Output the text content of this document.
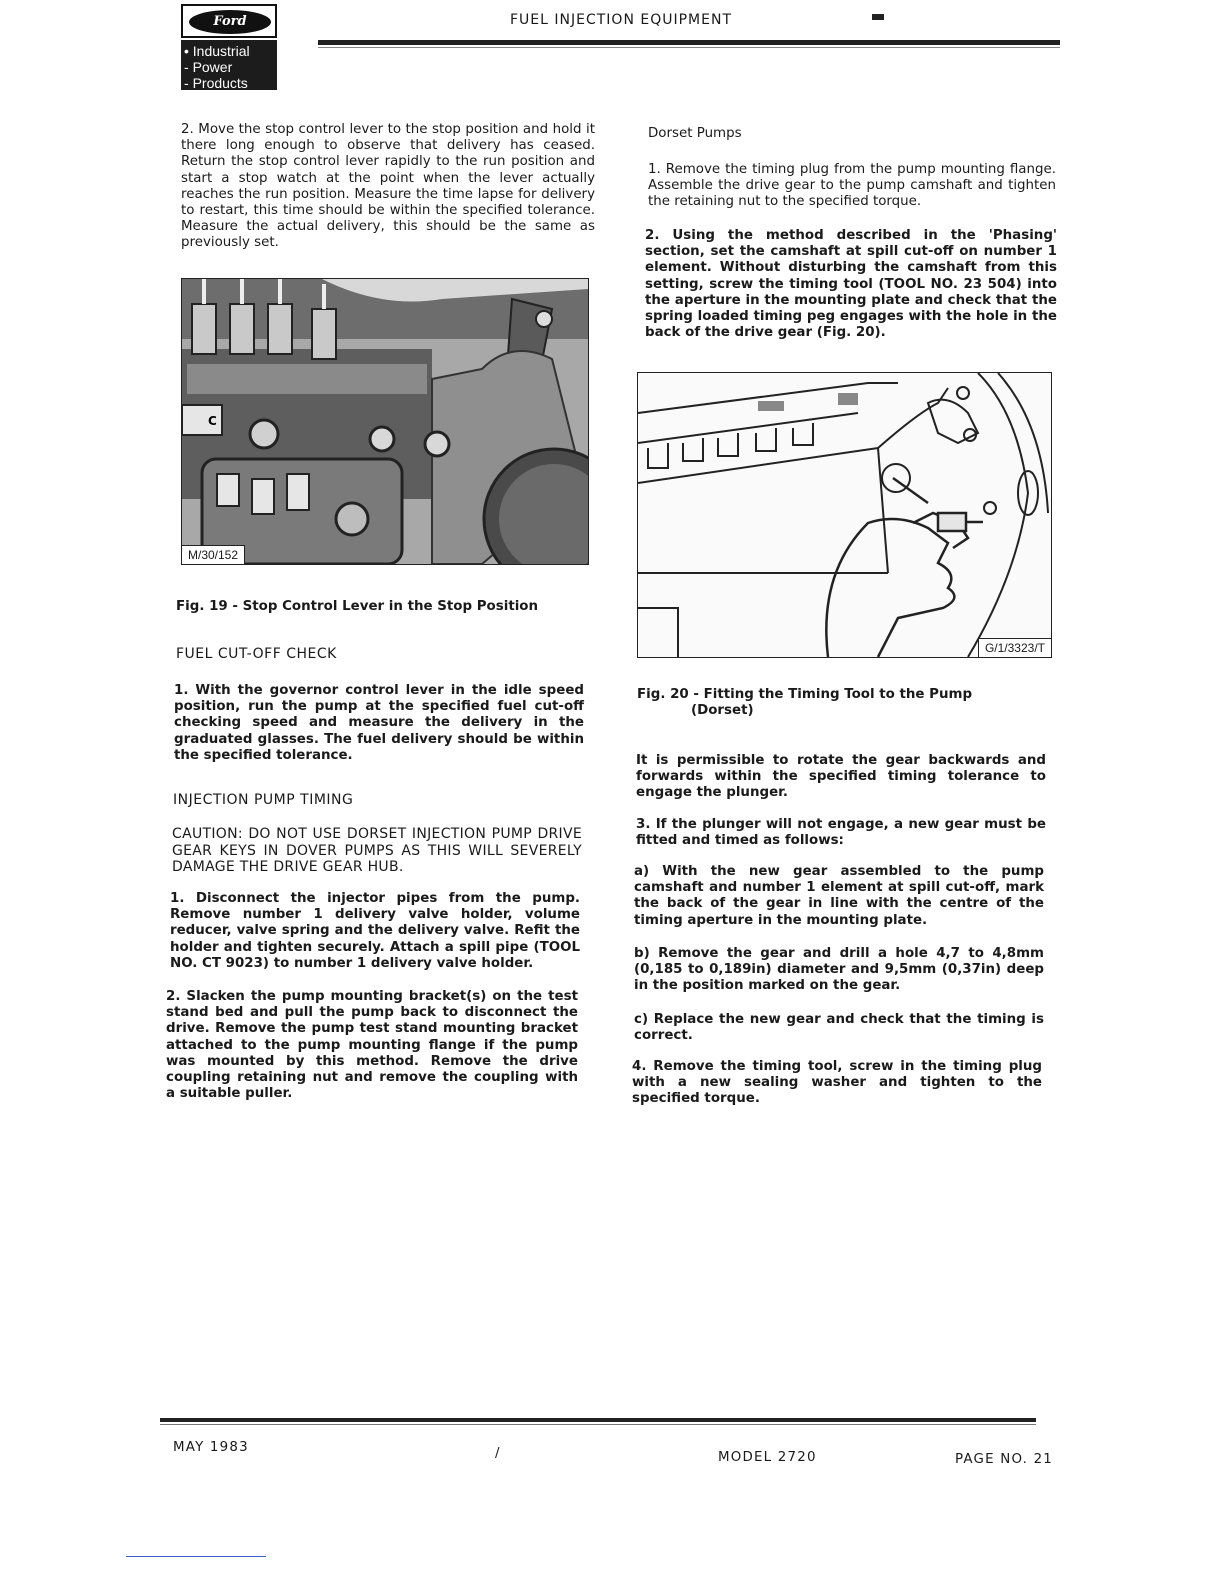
Ford
• Industrial
- Power
- Products
FUEL INJECTION EQUIPMENT

2. Move the stop control lever to the stop position and hold it there long enough to observe that delivery has ceased. Return the stop control lever rapidly to the run position and start a stop watch at the point when the lever actually reaches the run position. Measure the time lapse for delivery to restart, this time should be within the specified tolerance. Measure the actual delivery, this should be the same as previously set.

C
M/30/152
Fig. 19 - Stop Control Lever in the Stop Position
FUEL CUT-OFF CHECK

1. With the governor control lever in the idle speed position, run the pump at the specified fuel cut-off checking speed and measure the delivery in the graduated glasses. The fuel delivery should be within the specified tolerance.

INJECTION PUMP TIMING

CAUTION: DO NOT USE DORSET INJECTION PUMP DRIVE GEAR KEYS IN DOVER PUMPS AS THIS WILL SEVERELY DAMAGE THE DRIVE GEAR HUB.

1. Disconnect the injector pipes from the pump. Remove number 1 delivery valve holder, volume reducer, valve spring and the delivery valve. Refit the holder and tighten securely. Attach a spill pipe (TOOL NO. CT 9023) to number 1 delivery valve holder.

2. Slacken the pump mounting bracket(s) on the test stand bed and pull the pump back to disconnect the drive. Remove the pump test stand mounting bracket attached to the pump mounting flange if the pump was mounted by this method. Remove the drive coupling retaining nut and remove the coupling with a suitable puller.

Dorset Pumps

1. Remove the timing plug from the pump mounting flange. Assemble the drive gear to the pump camshaft and tighten the retaining nut to the specified torque.

2. Using the method described in the 'Phasing' section, set the camshaft at spill cut-off on number 1 element. Without disturbing the camshaft from this setting, screw the timing tool (TOOL NO. 23 504) into the aperture in the mounting plate and check that the spring loaded timing peg engages with the hole in the back of the drive gear (Fig. 20).

G/1/3323/T
Fig. 20 - Fitting the Timing Tool to the Pump
(Dorset)

It is permissible to rotate the gear backwards and forwards within the specified timing tolerance to engage the plunger.

3. If the plunger will not engage, a new gear must be fitted and timed as follows:

a) With the new gear assembled to the pump camshaft and number 1 element at spill cut-off, mark the back of the gear in line with the centre of the timing aperture in the mounting plate.

b) Remove the gear and drill a hole 4,7 to 4,8mm (0,185 to 0,189in) diameter and 9,5mm (0,37in) deep in the position marked on the gear.

c) Replace the new gear and check that the timing is correct.

4. Remove the timing tool, screw in the timing plug with a new sealing washer and tighten to the specified torque.

MAY 1983	/	MODEL 2720	PAGE NO. 21
